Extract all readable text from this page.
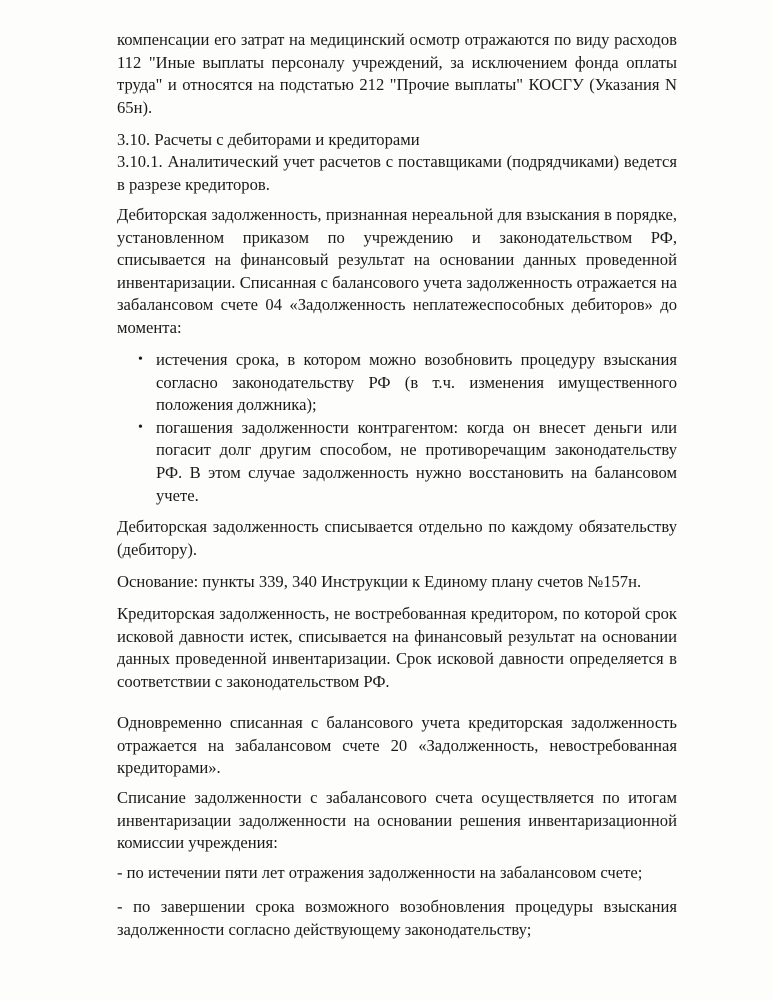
компенсации его затрат на медицинский осмотр отражаются по виду расходов 112 "Иные выплаты персоналу учреждений, за исключением фонда оплаты труда" и относятся на подстатью 212 "Прочие выплаты" КОСГУ (Указания N 65н).

3.10. Расчеты с дебиторами и кредиторами

3.10.1. Аналитический учет расчетов с поставщиками (подрядчиками) ведется в разрезе кредиторов.

Дебиторская задолженность, признанная нереальной для взыскания в порядке, установленном приказом по учреждению и законодательством РФ, списывается на финансовый результат на основании данных проведенной инвентаризации. Списанная с балансового учета задолженность отражается на забалансовом счете 04 «Задолженность неплатежеспособных дебиторов» до момента:

• истечения срока, в котором можно возобновить процедуру взыскания согласно законодательству РФ (в т.ч. изменения имущественного положения должника);
• погашения задолженности контрагентом: когда он внесет деньги или погасит долг другим способом, не противоречащим законодательству РФ. В этом случае задолженность нужно восстановить на балансовом учете.

Дебиторская задолженность списывается отдельно по каждому обязательству (дебитору).

Основание: пункты 339, 340 Инструкции к Единому плану счетов №157н.

Кредиторская задолженность, не востребованная кредитором, по которой срок исковой давности истек, списывается на финансовый результат на основании данных проведенной инвентаризации. Срок исковой давности определяется в соответствии с законодательством РФ.

Одновременно списанная с балансового учета кредиторская задолженность отражается на забалансовом счете 20 «Задолженность, невостребованная кредиторами».

Списание задолженности с забалансового счета осуществляется по итогам инвентаризации задолженности на основании решения инвентаризационной комиссии учреждения:

- по истечении пяти лет отражения задолженности на забалансовом счете;

- по завершении срока возможного возобновления процедуры взыскания задолженности согласно действующему законодательству;
